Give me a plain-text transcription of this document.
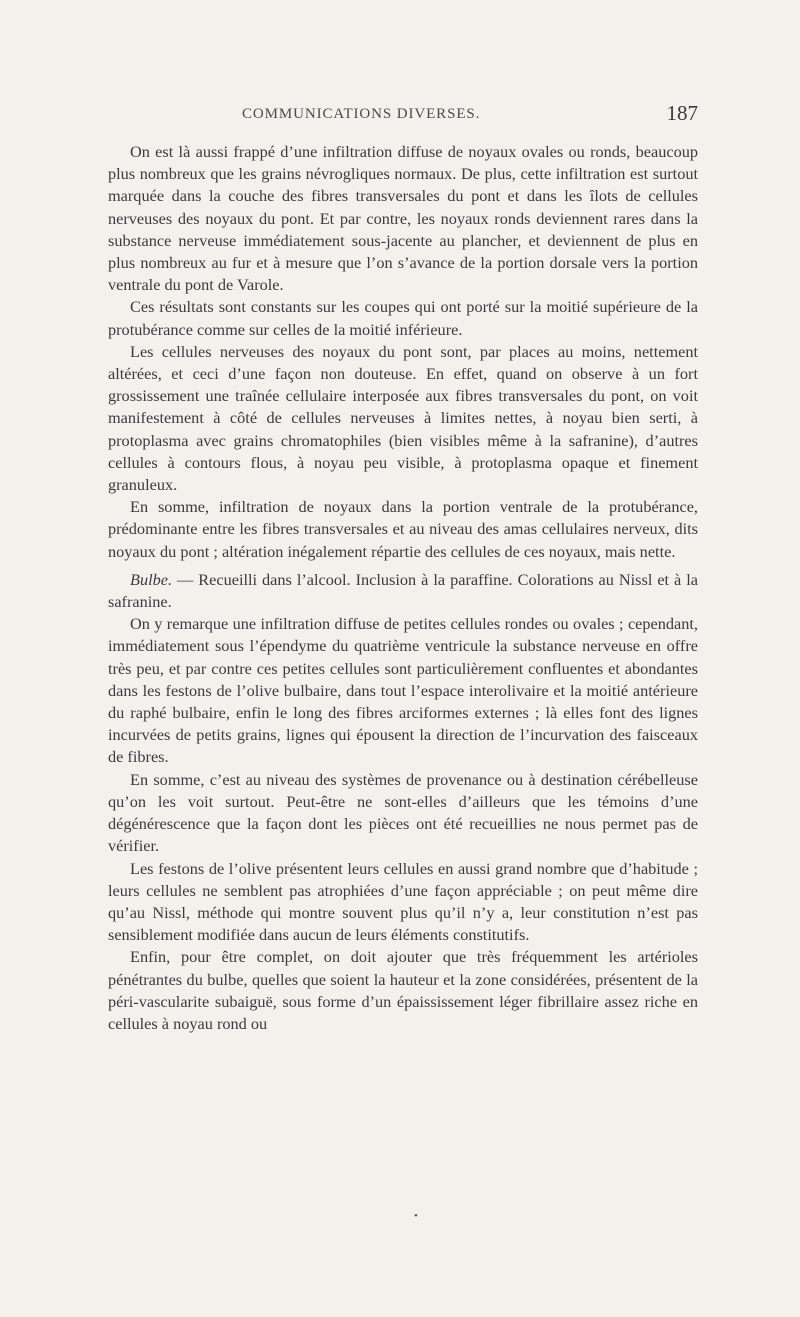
COMMUNICATIONS DIVERSES.	187

On est là aussi frappé d’une infiltration diffuse de noyaux ovales ou ronds, beaucoup plus nombreux que les grains névrogliques normaux. De plus, cette infiltration est surtout marquée dans la couche des fibres transversales du pont et dans les îlots de cellules nerveuses des noyaux du pont. Et par contre, les noyaux ronds deviennent rares dans la substance nerveuse immédiatement sous-jacente au plancher, et deviennent de plus en plus nombreux au fur et à mesure que l’on s’avance de la portion dorsale vers la portion ventrale du pont de Varole.

Ces résultats sont constants sur les coupes qui ont porté sur la moitié supérieure de la protubérance comme sur celles de la moitié inférieure.

Les cellules nerveuses des noyaux du pont sont, par places au moins, nettement altérées, et ceci d’une façon non douteuse. En effet, quand on observe à un fort grossissement une traînée cellulaire interposée aux fibres transversales du pont, on voit manifestement à côté de cellules nerveuses à limites nettes, à noyau bien serti, à protoplasma avec grains chromatophiles (bien visibles même à la safranine), d’autres cellules à contours flous, à noyau peu visible, à protoplasma opaque et finement granuleux.

En somme, infiltration de noyaux dans la portion ventrale de la protubérance, prédominante entre les fibres transversales et au niveau des amas cellulaires nerveux, dits noyaux du pont ; altération inégalement répartie des cellules de ces noyaux, mais nette.

Bulbe. — Recueilli dans l’alcool. Inclusion à la paraffine. Colorations au Nissl et à la safranine.

On y remarque une infiltration diffuse de petites cellules rondes ou ovales ; cependant, immédiatement sous l’épendyme du quatrième ventricule la substance nerveuse en offre très peu, et par contre ces petites cellules sont particulièrement confluentes et abondantes dans les festons de l’olive bulbaire, dans tout l’espace interolivaire et la moitié antérieure du raphé bulbaire, enfin le long des fibres arciformes externes ; là elles font des lignes incurvées de petits grains, lignes qui épousent la direction de l’incurvation des faisceaux de fibres.

En somme, c’est au niveau des systèmes de provenance ou à destination cérébelleuse qu’on les voit surtout. Peut-être ne sont-elles d’ailleurs que les témoins d’une dégénérescence que la façon dont les pièces ont été recueillies ne nous permet pas de vérifier.

Les festons de l’olive présentent leurs cellules en aussi grand nombre que d’habitude ; leurs cellules ne semblent pas atrophiées d’une façon appréciable ; on peut même dire qu’au Nissl, méthode qui montre souvent plus qu’il n’y a, leur constitution n’est pas sensiblement modifiée dans aucun de leurs éléments constitutifs.

Enfin, pour être complet, on doit ajouter que très fréquemment les artérioles pénétrantes du bulbe, quelles que soient la hauteur et la zone considérées, présentent de la péri-vascularite subaiguë, sous forme d’un épaississement léger fibrillaire assez riche en cellules à noyau rond ou

•
